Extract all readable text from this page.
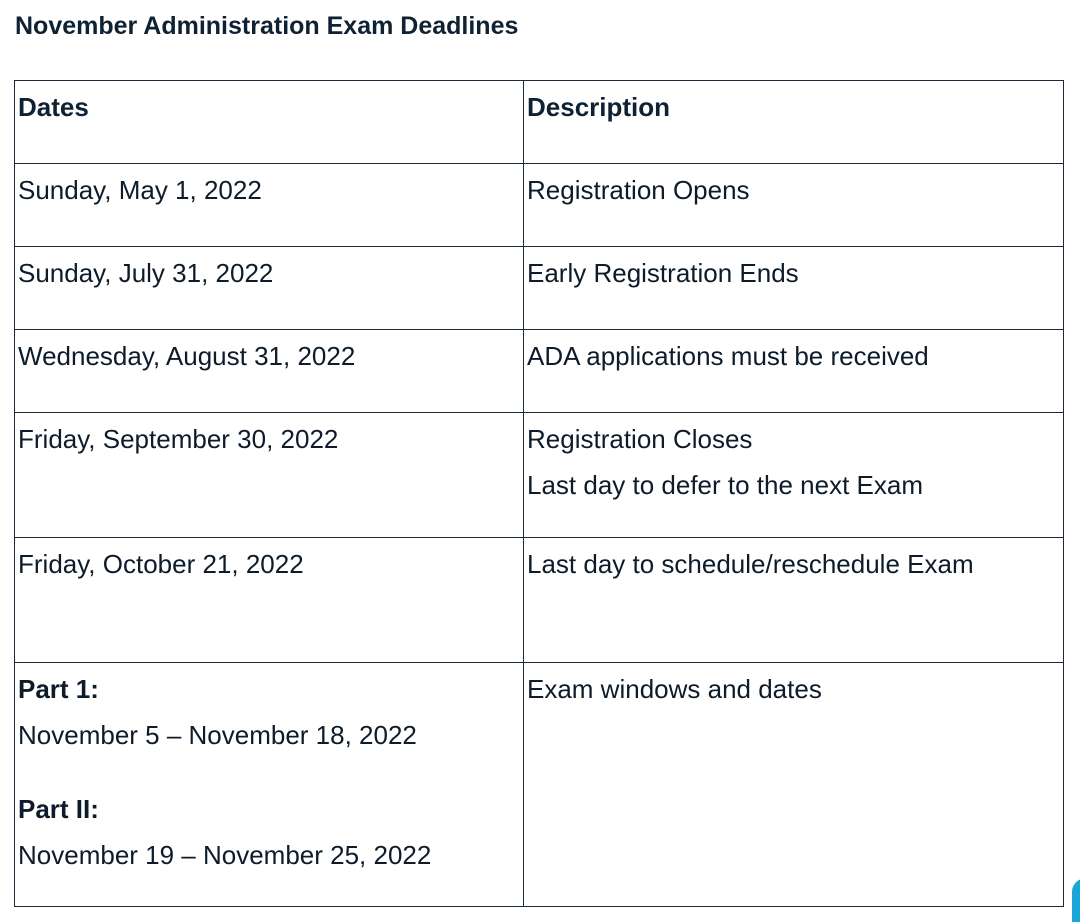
November Administration Exam Deadlines
Dates	Description

Sunday, May 1, 2022	Registration Opens

Sunday, July 31, 2022	Early Registration Ends

Wednesday, August 31, 2022	ADA applications must be received

Friday, September 30, 2022	Registration Closes
Last day to defer to the next Exam

Friday, October 21, 2022	Last day to schedule/reschedule Exam

Part 1:
November 5 – November 18, 2022
Part II:
November 19 – November 25, 2022	Exam windows and dates
